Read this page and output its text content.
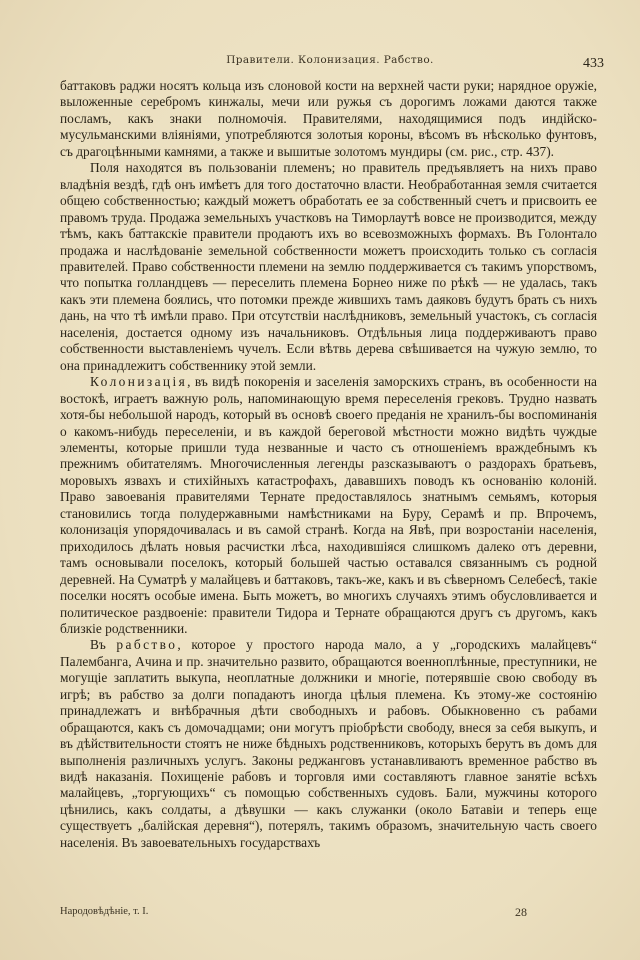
Правители. Колонизация. Рабство.	433

баттаковъ раджи носятъ кольца изъ слоновой кости на верхней части руки; нарядное оружіе, выложенные серебромъ кинжалы, мечи или ружья съ дорогимъ ложами даются также посламъ, какъ знаки полномочія. Правителями, находящимися подъ индійско-мусульманскими вліяніями, употребляются золотыя короны, вѣсомъ въ нѣсколько фунтовъ, съ драгоцѣнными камнями, а также и вышитые золотомъ мундиры (см. рис., стр. 437).

Поля находятся въ пользованіи племенъ; но правитель предъявляетъ на нихъ право владѣнія вездѣ, гдѣ онъ имѣетъ для того достаточно власти. Необработанная земля считается общею собственностью; каждый можетъ обработать ее за собственный счетъ и присвоить ее правомъ труда. Продажа земельныхъ участковъ на Тиморлаутѣ вовсе не производится, между тѣмъ, какъ баттакскіе правители продаютъ ихъ во всевозможныхъ формахъ. Въ Голонтало продажа и наслѣдованіе земельной собственности можетъ происходить только съ согласія правителей. Право собственности племени на землю поддерживается съ такимъ упорствомъ, что попытка голландцевъ — переселить племена Борнео ниже по рѣкѣ — не удалась, такъ какъ эти племена боялись, что потомки прежде жившихъ тамъ даяковъ будутъ брать съ нихъ дань, на что тѣ имѣли право. При отсутствіи наслѣдниковъ, земельный участокъ, съ согласія населенія, достается одному изъ начальниковъ. Отдѣльныя лица поддерживаютъ право собственности выставленіемъ чучелъ. Если вѣтвь дерева свѣшивается на чужую землю, то она принадлежитъ собственнику этой земли.

Колонизація, въ видѣ покоренія и заселенія заморскихъ странъ, въ особенности на востокѣ, играетъ важную роль, напоминающую время переселенія грековъ. Трудно назвать хотя-бы небольшой народъ, который въ основѣ своего преданія не хранилъ-бы воспоминанія о какомъ-нибудь переселеніи, и въ каждой береговой мѣстности можно видѣть чуждые элементы, которые пришли туда незванные и часто съ отношеніемъ враждебнымъ къ прежнимъ обитателямъ. Многочисленныя легенды разсказываютъ о раздорахъ братьевъ, моровыхъ язвахъ и стихійныхъ катастрофахъ, дававшихъ поводъ къ основанію колоній. Право завоеванія правителями Тернате предоставлялось знатнымъ семьямъ, которыя становились тогда полудержавными намѣстниками на Буру, Серамѣ и пр. Впрочемъ, колонизація упорядочивалась и въ самой странѣ. Когда на Явѣ, при возростаніи населенія, приходилось дѣлать новыя расчистки лѣса, находившіяся слишкомъ далеко отъ деревни, тамъ основывали поселокъ, который большей частью оставался связаннымъ съ родной деревней. На Суматрѣ у малайцевъ и баттаковъ, такъ-же, какъ и въ сѣверномъ Селебесѣ, такіе поселки носятъ особые имена. Быть можетъ, во многихъ случаяхъ этимъ обусловливается и политическое раздвоеніе: правители Тидора и Тернате обращаются другъ съ другомъ, какъ близкіе родственники.

Въ рабство, которое у простого народа мало, а у „городскихъ малайцевъ“ Палембанга, Ачина и пр. значительно развито, обращаются военноплѣнные, преступники, не могущіе заплатить выкупа, неоплатные должники и многіе, потерявшіе свою свободу въ игрѣ; въ рабство за долги попадаютъ иногда цѣлыя племена. Къ этому-же состоянію принадлежатъ и внѣбрачныя дѣти свободныхъ и рабовъ. Обыкновенно съ рабами обращаются, какъ съ домочадцами; они могутъ пріобрѣсти свободу, внеся за себя выкупъ, и въ дѣйствительности стоятъ не ниже бѣдныхъ родственниковъ, которыхъ берутъ въ домъ для выполненія различныхъ услугъ. Законы реджанговъ устанавливаютъ временное рабство въ видѣ наказанія. Похищеніе рабовъ и торговля ими составляютъ главное занятіе всѣхъ малайцевъ, „торгующихъ“ съ помощью собственныхъ судовъ. Бали, мужчины которого цѣнились, какъ солдаты, а дѣвушки — какъ служанки (около Батавіи и теперь еще существуетъ „балійская деревня“), потерялъ, такимъ образомъ, значительную часть своего населенія. Въ завоевательныхъ государствахъ

Народовѣдѣніе, т. I.	28
